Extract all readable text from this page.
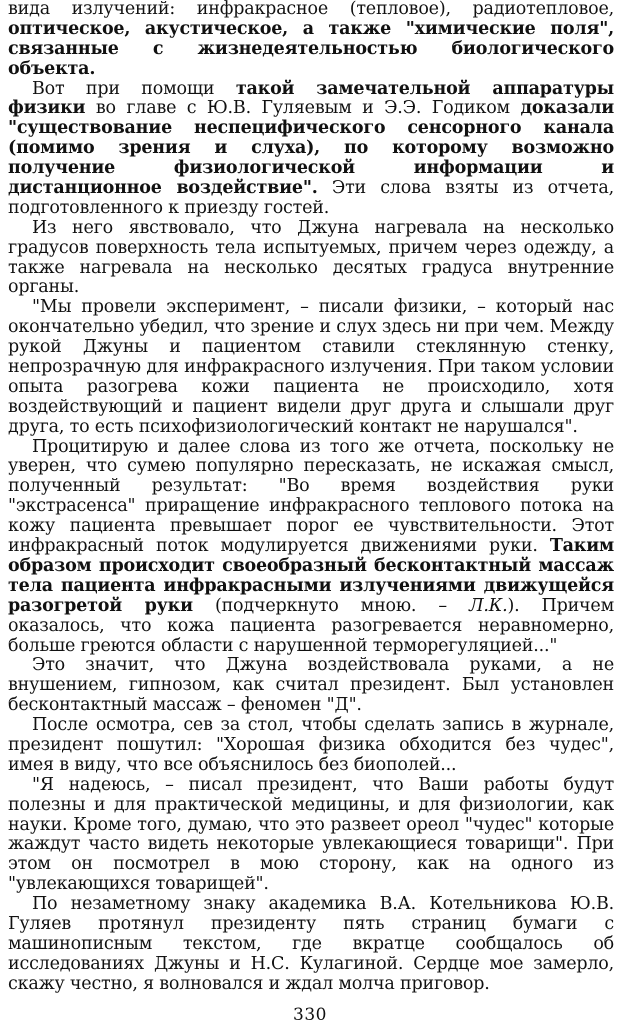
вида излучений: инфракрасное (тепловое), радиотепловое, оптическое, акустическое, а также "химические поля", связанные с жизнедеятельностью биологического объекта.

Вот при помощи такой замечательной аппаратуры физики во главе с Ю.В. Гуляевым и Э.Э. Годиком доказали "существование неспецифического сенсорного канала (помимо зрения и слуха), по которому возможно получение физиологической информации и дистанционное воздействие". Эти слова взяты из отчета, подготовленного к приезду гостей.

Из него явствовало, что Джуна нагревала на несколько градусов поверхность тела испытуемых, причем через одежду, а также нагревала на несколько десятых градуса внутренние органы.

"Мы провели эксперимент, – писали физики, – который нас окончательно убедил, что зрение и слух здесь ни при чем. Между рукой Джуны и пациентом ставили стеклянную стенку, непрозрачную для инфракрасного излучения. При таком условии опыта разогрева кожи пациента не происходило, хотя воздействующий и пациент видели друг друга и слышали друг друга, то есть психофизиологический контакт не нарушался".

Процитирую и далее слова из того же отчета, поскольку не уверен, что сумею популярно пересказать, не искажая смысл, полученный результат: "Во время воздействия руки "экстрасенса" приращение инфракрасного теплового потока на кожу пациента превышает порог ее чувствительности. Этот инфракрасный поток модулируется движениями руки. Таким образом происходит своеобразный бесконтактный массаж тела пациента инфракрасными излучениями движущейся разогретой руки (подчеркнуто мною. – Л.К.). Причем оказалось, что кожа пациента разогревается неравномерно, больше греются области с нарушенной терморегуляцией..."

Это значит, что Джуна воздействовала руками, а не внушением, гипнозом, как считал президент. Был установлен бесконтактный массаж – феномен "Д".

После осмотра, сев за стол, чтобы сделать запись в журнале, президент пошутил: "Хорошая физика обходится без чудес", имея в виду, что все объяснилось без биополей...

"Я надеюсь, – писал президент, что Ваши работы будут полезны и для практической медицины, и для физиологии, как науки. Кроме того, думаю, что это развеет ореол "чудес" которые жаждут часто видеть некоторые увлекающиеся товарищи". При этом он посмотрел в мою сторону, как на одного из "увлекающихся товарищей".

По незаметному знаку академика В.А. Котельникова Ю.В. Гуляев протянул президенту пять страниц бумаги с машинописным текстом, где вкратце сообщалось об исследованиях Джуны и Н.С. Кулагиной. Сердце мое замерло, скажу честно, я волновался и ждал молча приговор.

330
